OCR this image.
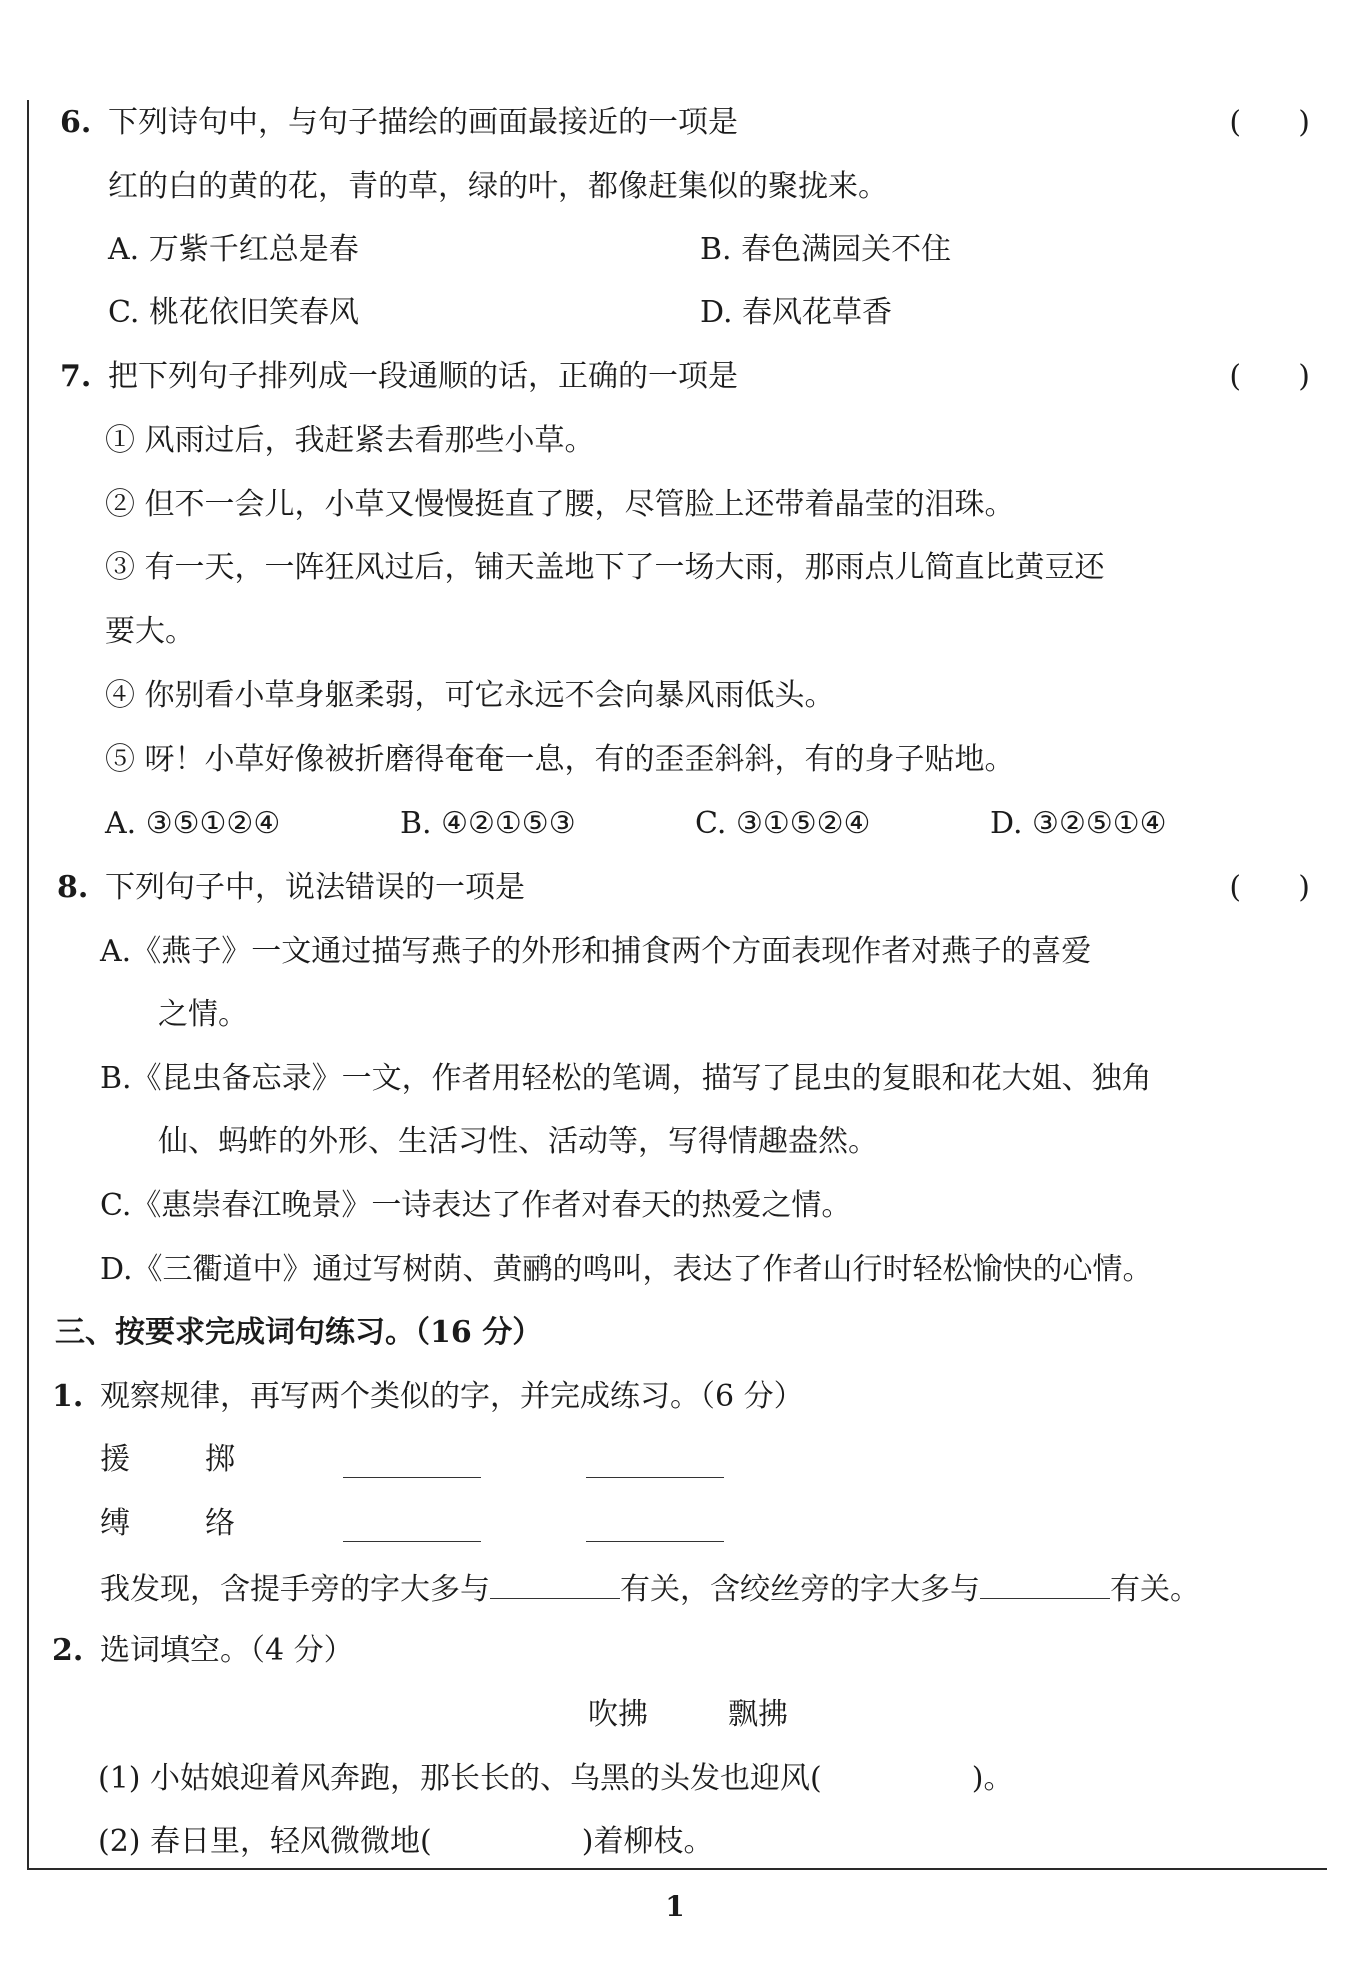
6. 下列诗句中，与句子描绘的画面最接近的一项是	(      )
红的白的黄的花，青的草，绿的叶，都像赶集似的聚拢来。
A. 万紫千红总是春	B. 春色满园关不住
C. 桃花依旧笑春风	D. 春风花草香
7. 把下列句子排列成一段通顺的话，正确的一项是	(      )
① 风雨过后，我赶紧去看那些小草。
② 但不一会儿，小草又慢慢挺直了腰，尽管脸上还带着晶莹的泪珠。
③ 有一天，一阵狂风过后，铺天盖地下了一场大雨，那雨点儿简直比黄豆还
要大。
④ 你别看小草身躯柔弱，可它永远不会向暴风雨低头。
⑤ 呀！小草好像被折磨得奄奄一息，有的歪歪斜斜，有的身子贴地。
A. ③⑤①②④	B. ④②①⑤③	C. ③①⑤②④	D. ③②⑤①④
8. 下列句子中，说法错误的一项是	(      )
A.《燕子》一文通过描写燕子的外形和捕食两个方面表现作者对燕子的喜爱
之情。
B.《昆虫备忘录》一文，作者用轻松的笔调，描写了昆虫的复眼和花大姐、独角
仙、蚂蚱的外形、生活习性、活动等，写得情趣盎然。
C.《惠崇春江晚景》一诗表达了作者对春天的热爱之情。
D.《三衢道中》通过写树荫、黄鹂的鸣叫，表达了作者山行时轻松愉快的心情。
三、按要求完成词句练习。（16 分）
1. 观察规律，再写两个类似的字，并完成练习。（6 分）
援	掷
缚	络
我发现，含提手旁的字大多与	有关，含绞丝旁的字大多与	有关。
2. 选词填空。（4 分）
吹拂	飘拂
(1) 小姑娘迎着风奔跑，那长长的、乌黑的头发也迎风(	)。
(2) 春日里，轻风微微地(	)着柳枝。
1
